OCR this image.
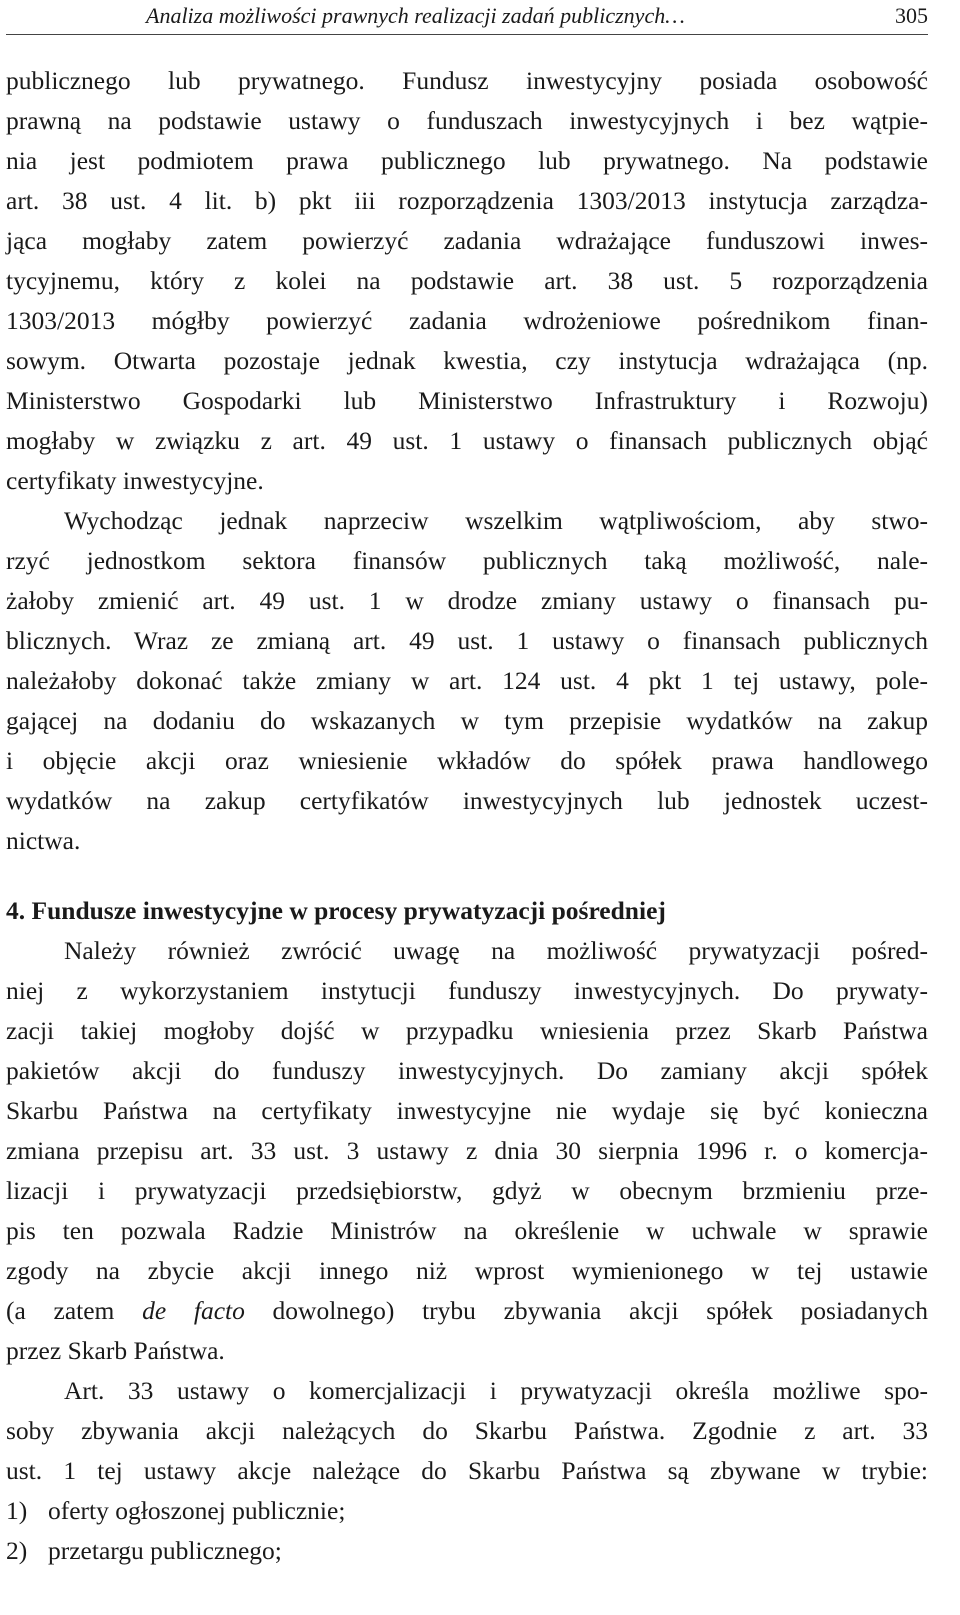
Analiza możliwości prawnych realizacji zadań publicznych…	305
publicznego lub prywatnego. Fundusz inwestycyjny posiada osobowość
prawną na podstawie ustawy o funduszach inwestycyjnych i bez wątpie-
nia jest podmiotem prawa publicznego lub prywatnego. Na podstawie
art. 38 ust. 4 lit. b) pkt iii rozporządzenia 1303/2013 instytucja zarządza-
jąca mogłaby zatem powierzyć zadania wdrażające funduszowi inwes-
tycyjnemu, który z kolei na podstawie art. 38 ust. 5 rozporządzenia
1303/2013 mógłby powierzyć zadania wdrożeniowe pośrednikom finan-
sowym. Otwarta pozostaje jednak kwestia, czy instytucja wdrażająca (np.
Ministerstwo Gospodarki lub Ministerstwo Infrastruktury i Rozwoju)
mogłaby w związku z art. 49 ust. 1 ustawy o finansach publicznych objąć
certyfikaty inwestycyjne.
Wychodząc jednak naprzeciw wszelkim wątpliwościom, aby stwo-
rzyć jednostkom sektora finansów publicznych taką możliwość, nale-
żałoby zmienić art. 49 ust. 1 w drodze zmiany ustawy o finansach pu-
blicznych. Wraz ze zmianą art. 49 ust. 1 ustawy o finansach publicznych
należałoby dokonać także zmiany w art. 124 ust. 4 pkt 1 tej ustawy, pole-
gającej na dodaniu do wskazanych w tym przepisie wydatków na zakup
i objęcie akcji oraz wniesienie wkładów do spółek prawa handlowego
wydatków na zakup certyfikatów inwestycyjnych lub jednostek uczest-
nictwa.
4. Fundusze inwestycyjne w procesy prywatyzacji pośredniej
Należy również zwrócić uwagę na możliwość prywatyzacji pośred-
niej z wykorzystaniem instytucji funduszy inwestycyjnych. Do prywaty-
zacji takiej mogłoby dojść w przypadku wniesienia przez Skarb Państwa
pakietów akcji do funduszy inwestycyjnych. Do zamiany akcji spółek
Skarbu Państwa na certyfikaty inwestycyjne nie wydaje się być konieczna
zmiana przepisu art. 33 ust. 3 ustawy z dnia 30 sierpnia 1996 r. o komercja-
lizacji i prywatyzacji przedsiębiorstw, gdyż w obecnym brzmieniu prze-
pis ten pozwala Radzie Ministrów na określenie w uchwale w sprawie
zgody na zbycie akcji innego niż wprost wymienionego w tej ustawie
(a zatem de facto dowolnego) trybu zbywania akcji spółek posiadanych
przez Skarb Państwa.
Art. 33 ustawy o komercjalizacji i prywatyzacji określa możliwe spo-
soby zbywania akcji należących do Skarbu Państwa. Zgodnie z art. 33
ust. 1 tej ustawy akcje należące do Skarbu Państwa są zbywane w trybie:
1) oferty ogłoszonej publicznie;
2) przetargu publicznego;
